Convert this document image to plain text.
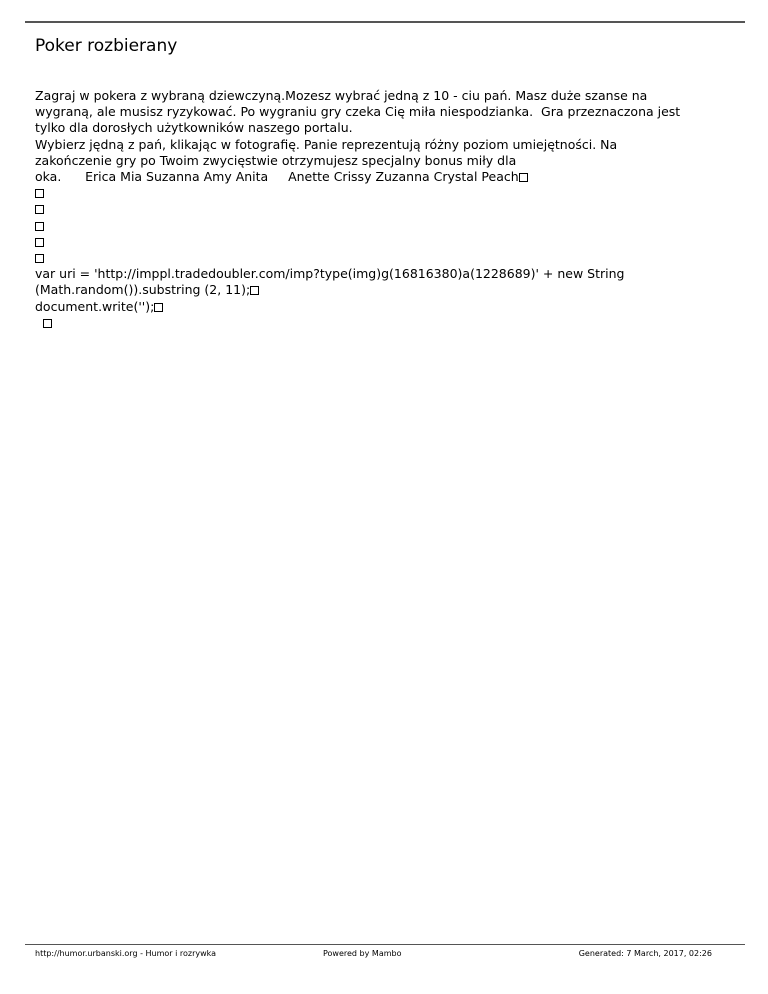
Poker rozbierany
Zagraj w pokera z wybraną dziewczyną.Mozesz wybrać jedną z 10 - ciu pań. Masz duże szanse na
wygraną, ale musisz ryzykować. Po wygraniu gry czeka Cię miła niespodzianka.  Gra przeznaczona jest
tylko dla dorosłych użytkowników naszego portalu.
Wybierz jędną z pań, klikając w fotografię. Panie reprezentują różny poziom umiejętności. Na
zakończenie gry po Twoim zwycięstwie otrzymujesz specjalny bonus miły dla
oka.      Erica Mia Suzanna Amy Anita     Anette Crissy Zuzanna Crystal Peach
var uri = 'http://imppl.tradedoubler.com/imp?type(img)g(16816380)a(1228689)' + new String
(Math.random()).substring (2, 11);
document.write('');
http://humor.urbanski.org - Humor i rozrywka	Powered by Mambo	Generated: 7 March, 2017, 02:26
